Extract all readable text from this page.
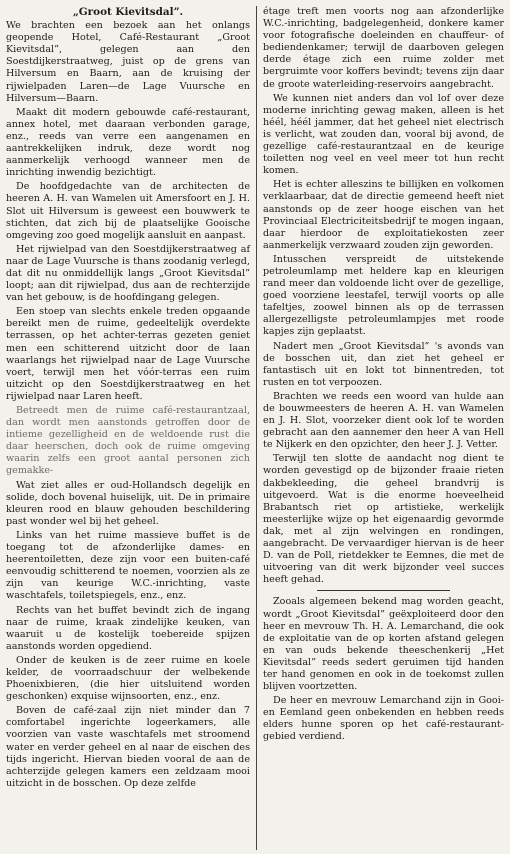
„Groot Kievitsdal”.

We brachten een bezoek aan het onlangs geopende Hotel, Café-Restaurant „Groot Kievitsdal”, gelegen aan den Soestdijkerstraatweg, juist op de grens van Hilversum en Baarn, aan de kruising der rijwielpaden Laren—de Lage Vuursche en Hilversum—Baarn.

Maakt dit modern gebouwde café-restaurant, annex hotel, met daaraan verbonden garage, enz., reeds van verre een aangenamen en aantrekkelijken indruk, deze wordt nog aanmerkelijk verhoogd wanneer men de inrichting inwendig bezichtigt.

De hoofdgedachte van de architecten de heeren A. H. van Wamelen uit Amersfoort en J. H. Slot uit Hilversum is geweest een bouwwerk te stichten, dat zich bij de plaatselijke Gooische omgeving zoo goed mogelijk aansluit en aanpast.

Het rijwielpad van den Soestdijkerstraatweg af naar de Lage Vuursche is thans zoodanig verlegd, dat dit nu onmiddellijk langs „Groot Kievitsdal” loopt; aan dit rijwielpad, dus aan de rechterzijde van het gebouw, is de hoofdingang gelegen.

Een stoep van slechts enkele treden opgaande bereikt men de ruime, gedeeltelijk overdekte terrassen, op het achter-terras gezeten geniet men een schitterend uitzicht door de laan waarlangs het rijwielpad naar de Lage Vuursche voert, terwijl men het vóór-terras een ruim uitzicht op den Soestdijkerstraatweg en het rijwielpad naar Laren heeft.

Betreedt men de ruime café-restaurantzaal, dan wordt men aanstonds getroffen door de intieme gezelligheid en de weldoende rust die daar heerschen, doch ook de ruime omgeving waarin zelfs een groot aantal personen zich gemakke-

Wat ziet alles er oud-Hollandsch degelijk en solide, doch bovenal huiselijk, uit. De in primaire kleuren rood en blauw gehouden beschildering past wonder wel bij het geheel.

Links van het ruime massieve buffet is de toegang tot de afzonderlijke dames- en heerentoiletten, deze zijn voor een buiten-café eenvoudig schitterend te noemen, voorzien als ze zijn van keurige W.C.-inrichting, vaste waschtafels, toiletspiegels, enz., enz.

Rechts van het buffet bevindt zich de ingang naar de ruime, kraak zindelijke keuken, van waaruit u de kostelijk toebereide spijzen aanstonds worden opgediend.

Onder de keuken is de zeer ruime en koele kelder, de voorraadschuur der welbekende Phoenixbieren, (die hier uitsluitend worden geschonken) exquise wijnsoorten, enz., enz.

Boven de café-zaal zijn niet minder dan 7 comfortabel ingerichte logeerkamers, alle voorzien van vaste waschtafels met stroomend water en verder geheel en al naar de eischen des tijds ingericht. Hiervan bieden vooral de aan de achterzijde gelegen kamers een zeldzaam mooi uitzicht in de bosschen. Op deze zelfde

étage treft men voorts nog aan afzonderlijke W.C.-inrichting, badgelegenheid, donkere kamer voor fotografische doeleinden en chauffeur- of bediendenkamer; terwijl de daarboven gelegen derde étage zich een ruime zolder met bergruimte voor koffers bevindt; tevens zijn daar de groote waterleiding-reservoirs aangebracht.

We kunnen niet anders dan vol lof over deze moderne inrichting gewag maken, alleen is het héél, héél jammer, dat het geheel niet electrisch is verlicht, wat zouden dan, vooral bij avond, de gezellige café-restaurantzaal en de keurige toiletten nog veel en veel meer tot hun recht komen.

Het is echter alleszins te billijken en volkomen verklaarbaar, dat de directie gemeend heeft niet aanstonds op de zeer hooge eischen van het Provinciaal Electriciteitsbedrijf te mogen ingaan, daar hierdoor de exploitatiekosten zeer aanmerkelijk verzwaard zouden zijn geworden.

Intusschen verspreidt de uitstekende petroleumlamp met heldere kap en kleurigen rand meer dan voldoende licht over de gezellige, goed voorziene leestafel, terwijl voorts op alle tafeltjes, zoowel binnen als op de terrassen allergezelligste petroleumlampjes met roode kapjes zijn geplaatst.

Nadert men „Groot Kievitsdal” 's avonds van de bosschen uit, dan ziet het geheel er fantastisch uit en lokt tot binnentreden, tot rusten en tot verpoozen.

Brachten we reeds een woord van hulde aan de bouwmeesters de heeren A. H. van Wamelen en J. H. Slot, voorzeker dient ook lof te worden gebracht aan den aannemer den heer A van Hell te Nijkerk en den opzichter, den heer J. J. Vetter.

Terwijl ten slotte de aandacht nog dient te worden gevestigd op de bijzonder fraaie rieten dakbekleeding, die geheel brandvrij is uitgevoerd. Wat is die enorme hoeveelheid Brabantsch riet op artistieke, werkelijk meesterlijke wijze op het eigenaardig gevormde dak, met al zijn welvingen en rondingen, aangebracht. De vervaardiger hiervan is de heer D. van de Poll, rietdekker te Eemnes, die met de uitvoering van dit werk bijzonder veel succes heeft gehad.

Zooals algemeen bekend mag worden geacht, wordt „Groot Kievitsdal” geëxploiteerd door den heer en mevrouw Th. H. A. Lemarchand, die ook de exploitatie van de op korten afstand gelegen en van ouds bekende theeschenkerij „Het Kievitsdal” reeds sedert geruimen tijd handen ter hand genomen en ook in de toekomst zullen blijven voortzetten.

De heer en mevrouw Lemarchand zijn in Gooi- en Eemland geen onbekenden en hebben reeds elders hunne sporen op het café-restaurant-gebied verdiend.
